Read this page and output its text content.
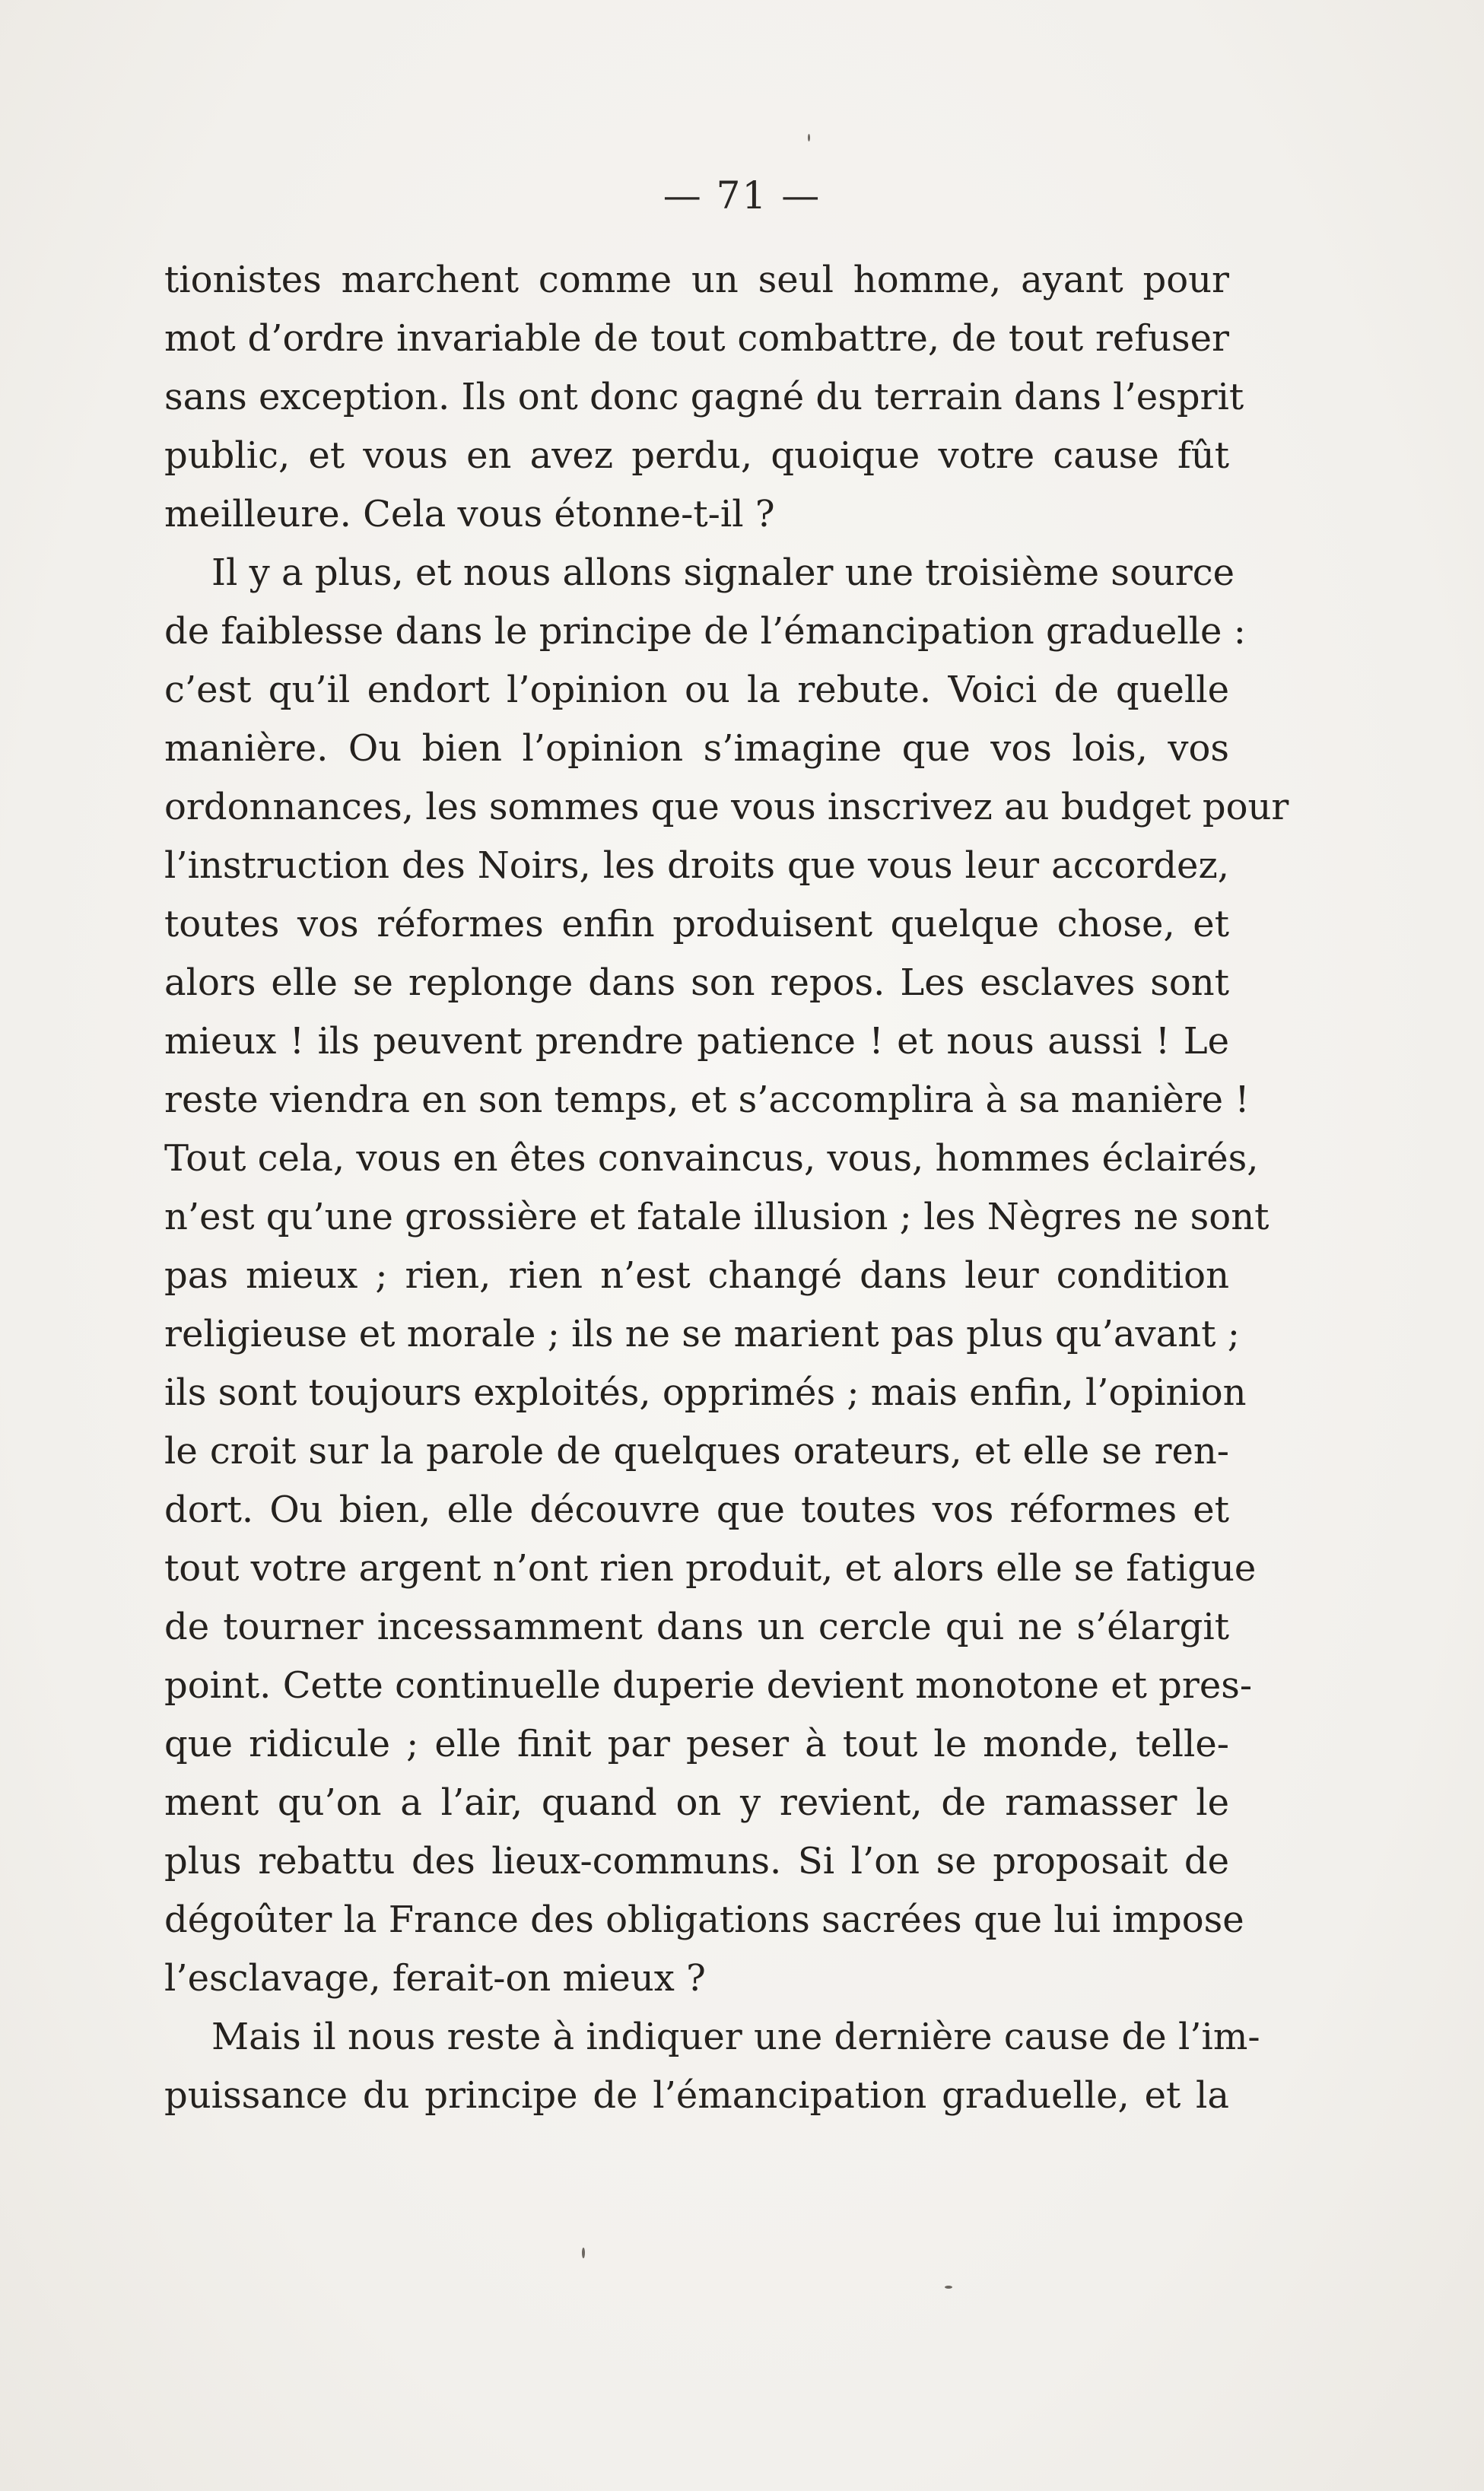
— 71 —
tionistes marchent comme un seul homme, ayant pour
mot d’ordre invariable de tout combattre, de tout refuser
sans exception. Ils ont donc gagné du terrain dans l’esprit
public, et vous en avez perdu, quoique votre cause fût
meilleure. Cela vous étonne-t-il ?
Il y a plus, et nous allons signaler une troisième source
de faiblesse dans le principe de l’émancipation graduelle :
c’est qu’il endort l’opinion ou la rebute. Voici de quelle
manière. Ou bien l’opinion s’imagine que vos lois, vos
ordonnances, les sommes que vous inscrivez au budget pour
l’instruction des Noirs, les droits que vous leur accordez,
toutes vos réformes enfin produisent quelque chose, et
alors elle se replonge dans son repos. Les esclaves sont
mieux ! ils peuvent prendre patience ! et nous aussi ! Le
reste viendra en son temps, et s’accomplira à sa manière !
Tout cela, vous en êtes convaincus, vous, hommes éclairés,
n’est qu’une grossière et fatale illusion ; les Nègres ne sont
pas mieux ; rien, rien n’est changé dans leur condition
religieuse et morale ; ils ne se marient pas plus qu’avant ;
ils sont toujours exploités, opprimés ; mais enfin, l’opinion
le croit sur la parole de quelques orateurs, et elle se ren-
dort. Ou bien, elle découvre que toutes vos réformes et
tout votre argent n’ont rien produit, et alors elle se fatigue
de tourner incessamment dans un cercle qui ne s’élargit
point. Cette continuelle duperie devient monotone et pres-
que ridicule ; elle finit par peser à tout le monde, telle-
ment qu’on a l’air, quand on y revient, de ramasser le
plus rebattu des lieux-communs. Si l’on se proposait de
dégoûter la France des obligations sacrées que lui impose
l’esclavage, ferait-on mieux ?
Mais il nous reste à indiquer une dernière cause de l’im-
puissance du principe de l’émancipation graduelle, et la
